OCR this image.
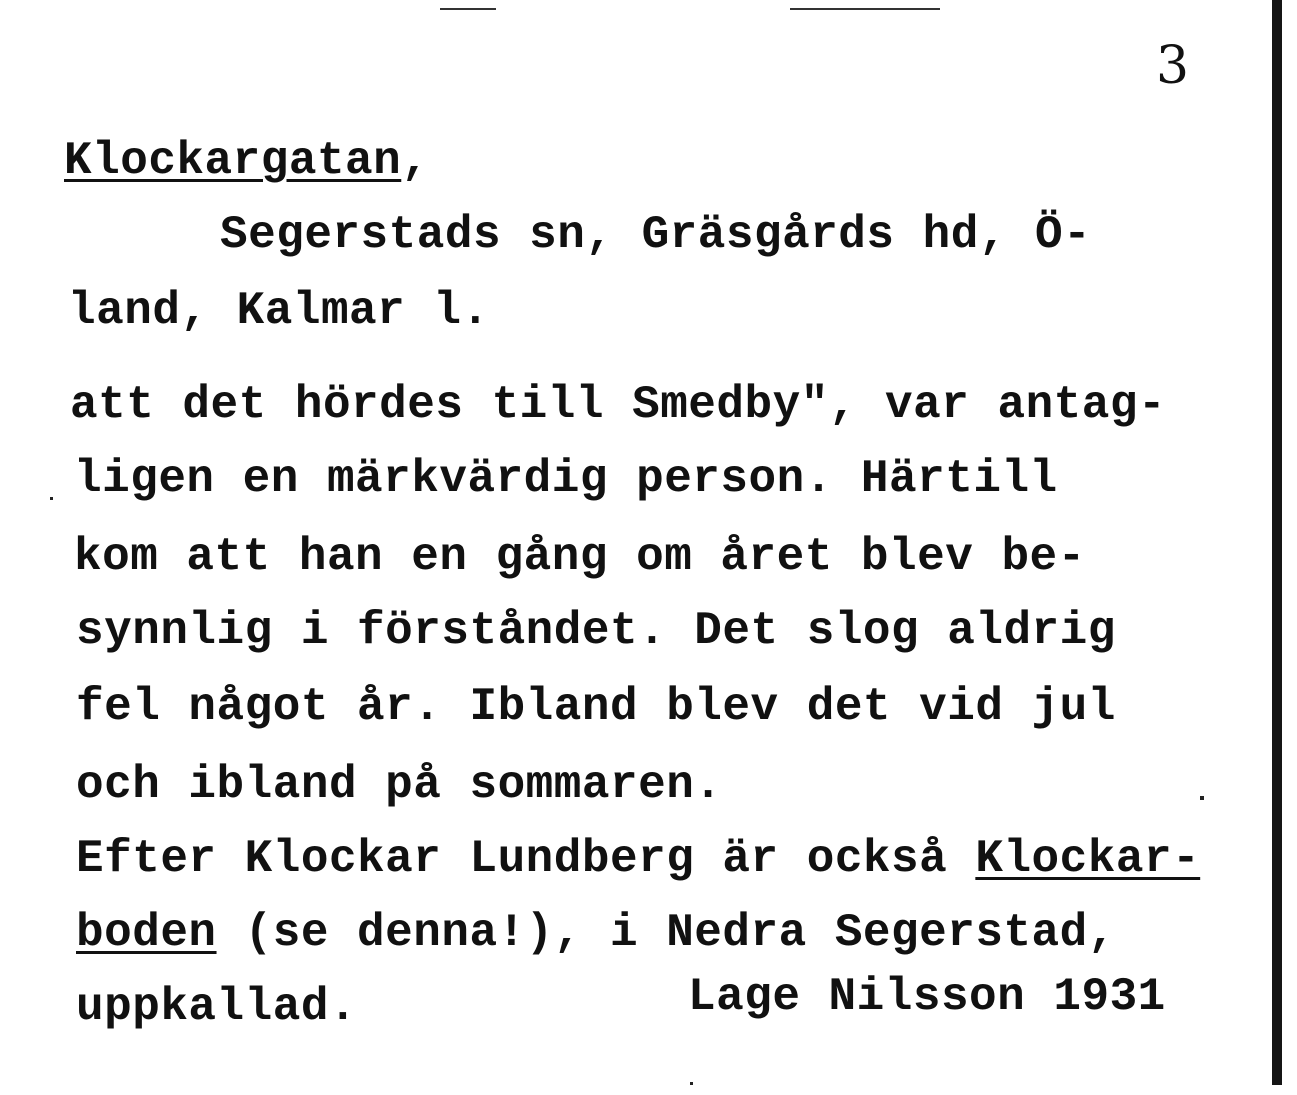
3
Klockargatan,
Segerstads sn, Gräsgårds hd, Ö-
land, Kalmar l.
att det hördes till Smedby", var antag-
ligen en märkvärdig person. Härtill
kom att han en gång om året blev be-
synnlig i förståndet. Det slog aldrig
fel något år. Ibland blev det vid jul
och ibland på sommaren.
Efter Klockar Lundberg är också Klockar-
boden (se denna!), i Nedra Segerstad,
uppkallad.	Lage Nilsson 1931
